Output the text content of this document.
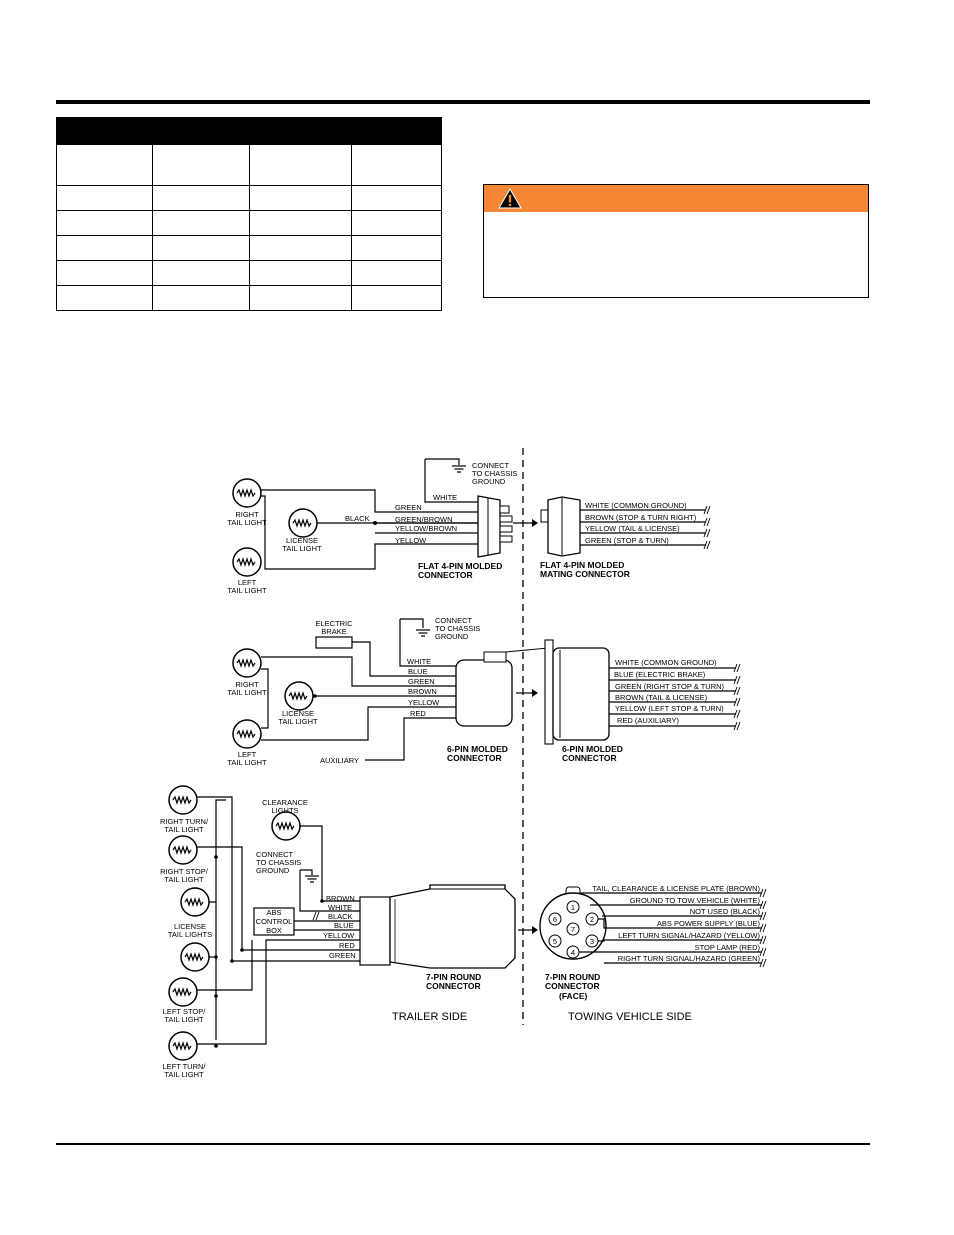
RIGHT
TAIL LIGHT
LICENSE
TAIL LIGHT
LEFT
TAIL LIGHT
CONNECT
TO CHASSIS
GROUND
WHITE
GREEN
BLACK	GREEN/BROWN
YELLOW/BROWN
YELLOW
FLAT 4-PIN MOLDED
CONNECTOR
FLAT 4-PIN MOLDED
MATING CONNECTOR
WHITE (COMMON GROUND)
BROWN (STOP & TURN RIGHT)
YELLOW (TAIL & LICENSE)
GREEN (STOP & TURN)
ELECTRIC
BRAKE
RIGHT
TAIL LIGHT
LICENSE
TAIL LIGHT
LEFT
TAIL LIGHT
CONNECT
TO CHASSIS
GROUND
AUXILIARY
WHITE
BLUE
GREEN
BROWN
YELLOW
RED
6-PIN MOLDED
CONNECTOR
6-PIN MOLDED
CONNECTOR
WHITE (COMMON GROUND)
BLUE (ELECTRIC BRAKE)
GREEN (RIGHT STOP & TURN)
BROWN (TAIL & LICENSE)
YELLOW (LEFT STOP & TURN)
RED (AUXILIARY)
RIGHT TURN/
TAIL LIGHT
RIGHT STOP/
TAIL LIGHT
LICENSE
TAIL LIGHTS
LEFT STOP/
TAIL LIGHT
LEFT TURN/
TAIL LIGHT
CLEARANCE
LIGHTS
CONNECT
TO CHASSIS
GROUND
ABS
CONTROL
BOX
BROWN
WHITE
BLACK
BLUE
YELLOW
RED
GREEN
7-PIN ROUND
CONNECTOR
1
2
3
4
5
6
7
7-PIN ROUND
CONNECTOR
(FACE)
TAIL, CLEARANCE & LICENSE PLATE (BROWN)
GROUND TO TOW VEHICLE (WHITE)
NOT USED (BLACK)
ABS POWER SUPPLY (BLUE)
LEFT TURN SIGNAL/HAZARD (YELLOW)
STOP LAMP (RED)
RIGHT TURN SIGNAL/HAZARD (GREEN)
TRAILER SIDE	TOWING VEHICLE SIDE
